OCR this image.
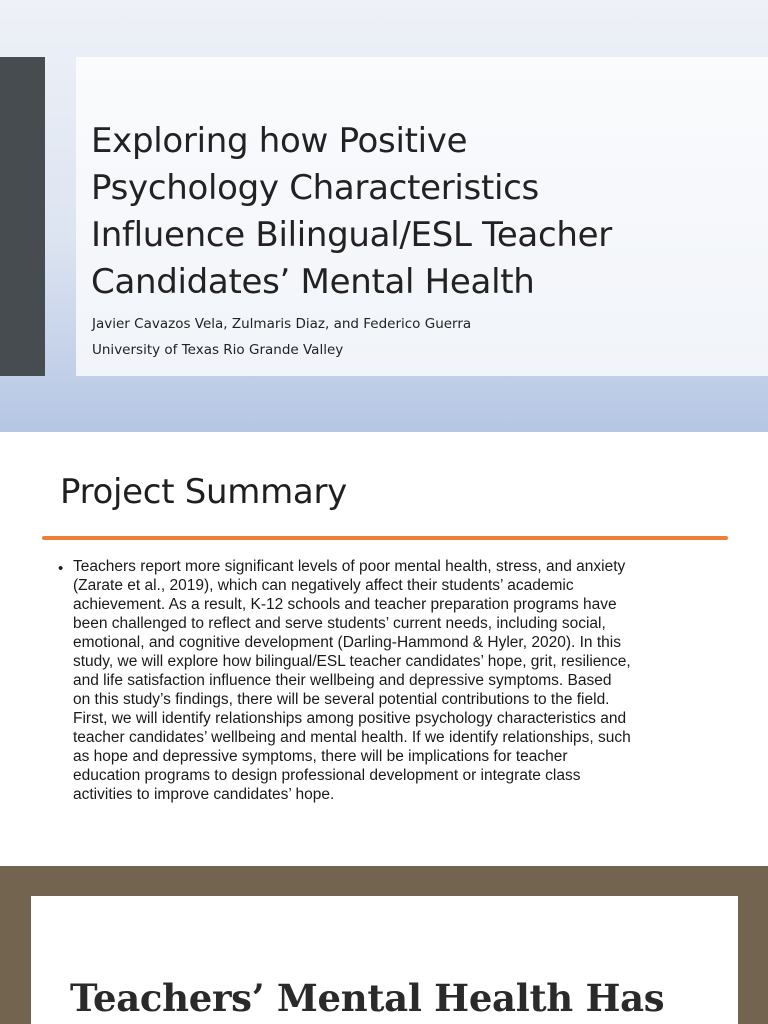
Exploring how Positive
Psychology Characteristics
Influence Bilingual/ESL Teacher
Candidates’ Mental Health
Javier Cavazos Vela, Zulmaris Diaz, and Federico Guerra
University of Texas Rio Grande Valley
Project Summary
• Teachers report more significant levels of poor mental health, stress, and anxiety
(Zarate et al., 2019), which can negatively affect their students’ academic
achievement. As a result, K-12 schools and teacher preparation programs have
been challenged to reflect and serve students’ current needs, including social,
emotional, and cognitive development (Darling-Hammond & Hyler, 2020). In this
study, we will explore how bilingual/ESL teacher candidates’ hope, grit, resilience,
and life satisfaction influence their wellbeing and depressive symptoms. Based
on this study’s findings, there will be several potential contributions to the field.
First, we will identify relationships among positive psychology characteristics and
teacher candidates’ wellbeing and mental health. If we identify relationships, such
as hope and depressive symptoms, there will be implications for teacher
education programs to design professional development or integrate class
activities to improve candidates’ hope.

Teachers’ Mental Health Has
